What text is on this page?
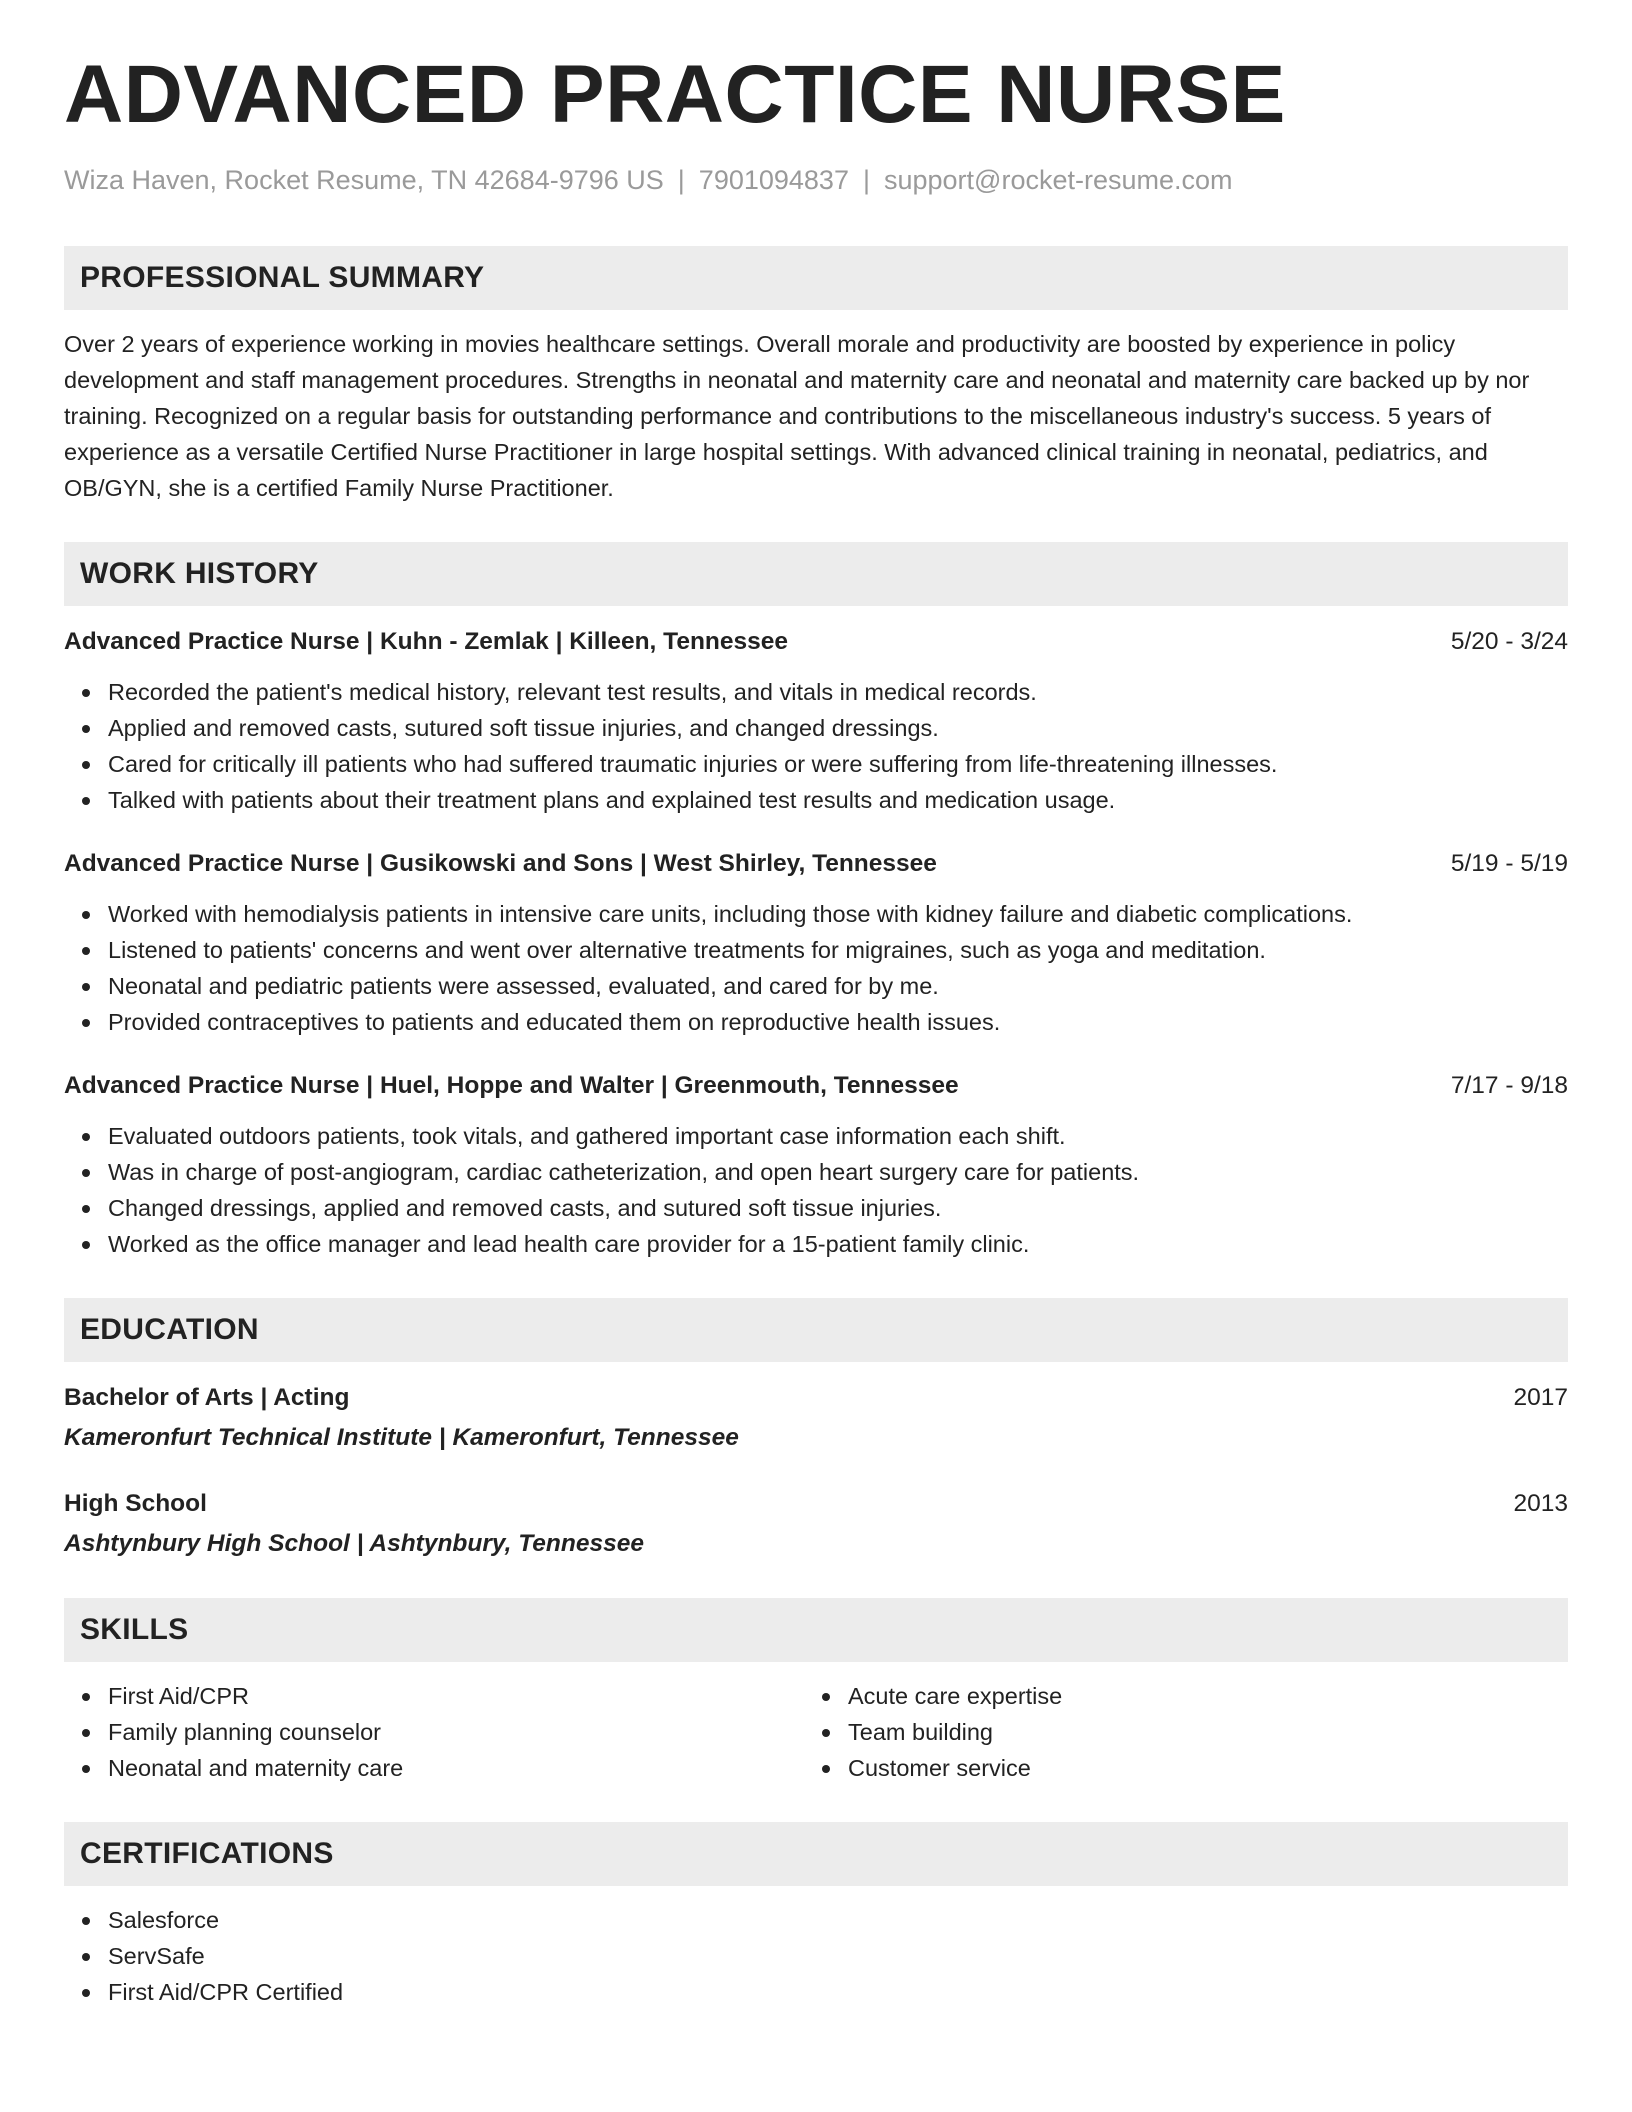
ADVANCED PRACTICE NURSE
Wiza Haven, Rocket Resume, TN 42684-9796 US | 7901094837 | support@rocket-resume.com
PROFESSIONAL SUMMARY
Over 2 years of experience working in movies healthcare settings. Overall morale and productivity are boosted by experience in policy development and staff management procedures. Strengths in neonatal and maternity care and neonatal and maternity care backed up by nor training. Recognized on a regular basis for outstanding performance and contributions to the miscellaneous industry's success. 5 years of experience as a versatile Certified Nurse Practitioner in large hospital settings. With advanced clinical training in neonatal, pediatrics, and OB/GYN, she is a certified Family Nurse Practitioner.
WORK HISTORY
Advanced Practice Nurse | Kuhn - Zemlak | Killeen, Tennessee	5/20 - 3/24
Recorded the patient's medical history, relevant test results, and vitals in medical records.
Applied and removed casts, sutured soft tissue injuries, and changed dressings.
Cared for critically ill patients who had suffered traumatic injuries or were suffering from life-threatening illnesses.
Talked with patients about their treatment plans and explained test results and medication usage.
Advanced Practice Nurse | Gusikowski and Sons | West Shirley, Tennessee	5/19 - 5/19
Worked with hemodialysis patients in intensive care units, including those with kidney failure and diabetic complications.
Listened to patients' concerns and went over alternative treatments for migraines, such as yoga and meditation.
Neonatal and pediatric patients were assessed, evaluated, and cared for by me.
Provided contraceptives to patients and educated them on reproductive health issues.
Advanced Practice Nurse | Huel, Hoppe and Walter | Greenmouth, Tennessee	7/17 - 9/18
Evaluated outdoors patients, took vitals, and gathered important case information each shift.
Was in charge of post-angiogram, cardiac catheterization, and open heart surgery care for patients.
Changed dressings, applied and removed casts, and sutured soft tissue injuries.
Worked as the office manager and lead health care provider for a 15-patient family clinic.
EDUCATION
Bachelor of Arts | Acting	2017
Kameronfurt Technical Institute | Kameronfurt, Tennessee
High School	2013
Ashtynbury High School | Ashtynbury, Tennessee
SKILLS
First Aid/CPR
Family planning counselor
Neonatal and maternity care
Acute care expertise
Team building
Customer service
CERTIFICATIONS
Salesforce
ServSafe
First Aid/CPR Certified
